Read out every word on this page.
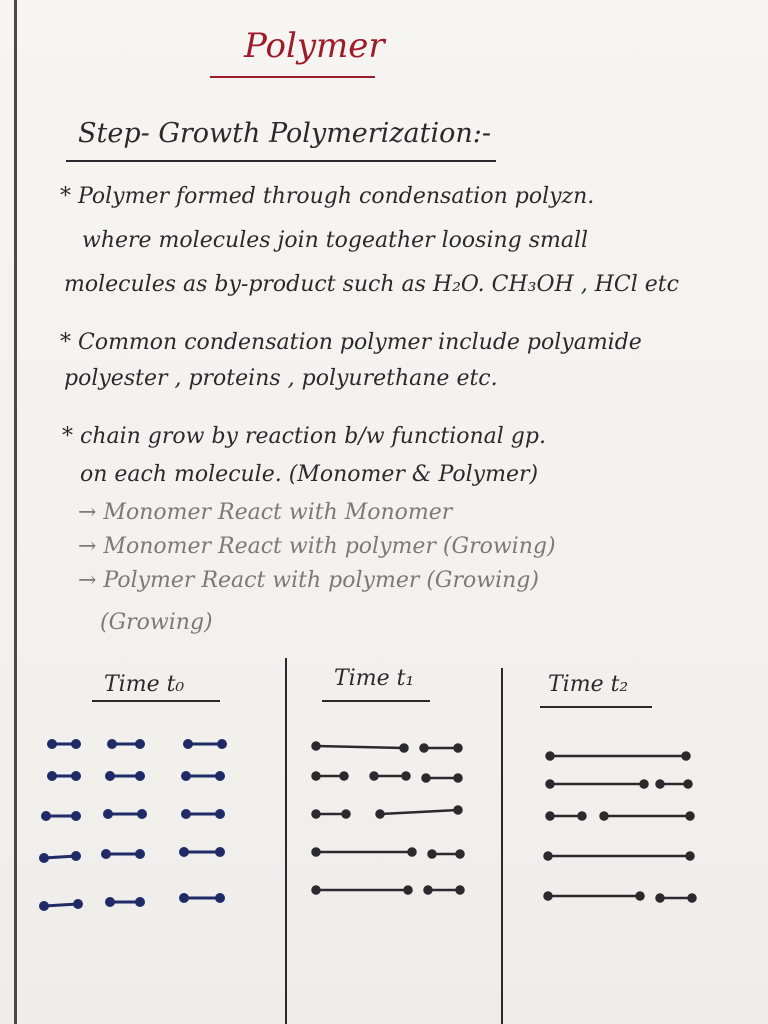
Polymer
Step- Growth Polymerization:-
* Polymer formed through condensation polyzn.
where molecules join togeather loosing small
molecules as by-product such as H₂O. CH₃OH , HCl etc
* Common condensation polymer include polyamide
polyester , proteins , polyurethane etc.
* chain grow by reaction b/w functional gp.
on each molecule. (Monomer & Polymer)
→ Monomer React with Monomer
→ Monomer React with polymer (Growing)
→ Polymer React with polymer (Growing)
(Growing)
Time t₀	Time t₁	Time t₂
